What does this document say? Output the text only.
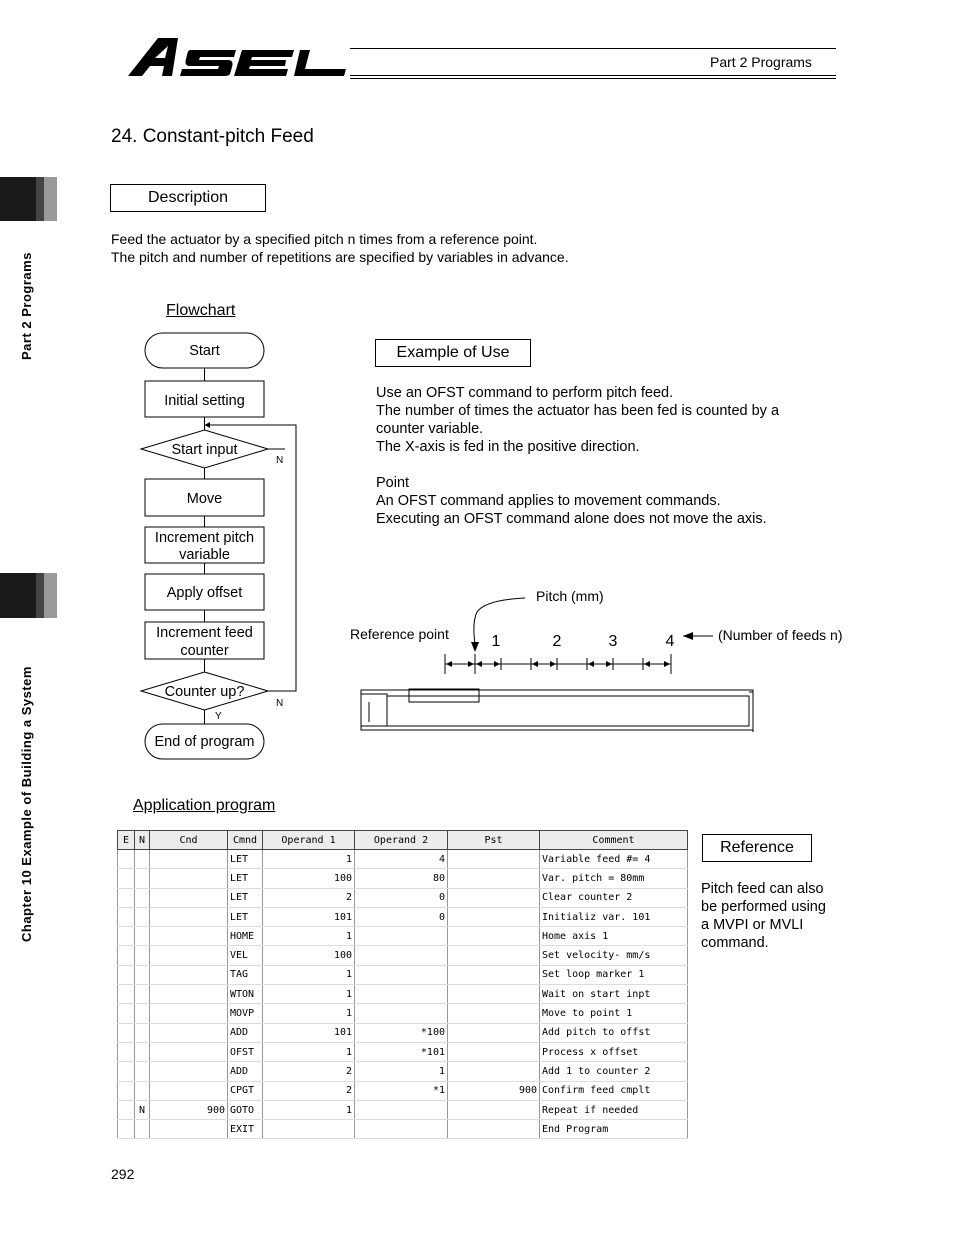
Part 2 Programs
Part 2 Programs
Chapter 10 Example of Building a System
24. Constant-pitch Feed
Description
Feed the actuator by a specified pitch n times from a reference point.
The pitch and number of repetitions are specified by variables in advance.
Flowchart
N
N
Y
Start
Initial setting
Start input
Move
Increment pitch
variable
Apply offset
Increment feed
counter
Counter up?
End of program
Example of Use
Use an OFST command to perform pitch feed.
The number of times the actuator has been fed is counted by a
counter variable.
The X-axis is fed in the positive direction.
Point
An OFST command applies to movement commands.
Executing an OFST command alone does not move the axis.
Pitch (mm)
Reference point	(Number of feeds n)
1	2	3	4
Application program
E	N	Cnd	Cmnd	Operand 1	Operand 2	Pst	Comment
			LET	1	4		Variable feed #= 4
			LET	100	80		Var. pitch = 80mm
			LET	2	0		Clear counter 2
			LET	101	0		Initializ var. 101
			HOME	1			Home axis 1
			VEL	100			Set velocity- mm/s
			TAG	1			Set loop marker 1
			WTON	1			Wait on start inpt
			MOVP	1			Move to point 1
			ADD	101	*100		Add pitch to offst
			OFST	1	*101		Process x offset
			ADD	2	1		Add 1 to counter 2
			CPGT	2	*1	900	Confirm feed cmplt
	N	900	GOTO	1			Repeat if needed
			EXIT				End Program
Reference
Pitch feed can also
be performed using
a MVPI or MVLI
command.
292
